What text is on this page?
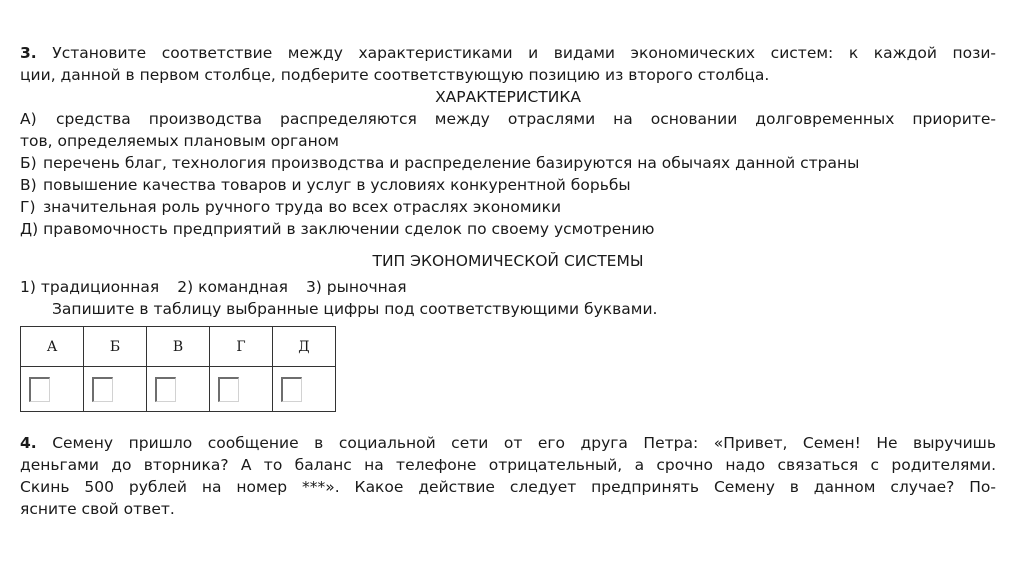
3. Установите соответствие между характеристиками и видами экономических систем: к каждой пози-
ции, данной в первом столбце, подберите соответствующую позицию из второго столбца.
ХАРАКТЕРИСТИКА
А) средства производства распределяются между отраслями на основании долговременных приорите-
тов, определяемых плановым органом
Б) перечень благ, технология производства и распределение базируются на обычаях данной страны
В) повышение качества товаров и услуг в условиях конкурентной борьбы
Г) значительная роль ручного труда во всех отраслях экономики
Д) правомочность предприятий в заключении сделок по своему усмотрению
ТИП ЭКОНОМИЧЕСКОЙ СИСТЕМЫ
1) традиционная 2) командная 3) рыночная
Запишите в таблицу выбранные цифры под соответствующими буквами.
А	Б	В	Г	Д

4. Семену пришло сообщение в социальной сети от его друга Петра: «Привет, Семен! Не выручишь
деньгами до вторника? А то баланс на телефоне отрицательный, а срочно надо связаться с родителями.
Скинь 500 рублей на номер ***». Какое действие следует предпринять Семену в данном случае? По-
ясните свой ответ.
